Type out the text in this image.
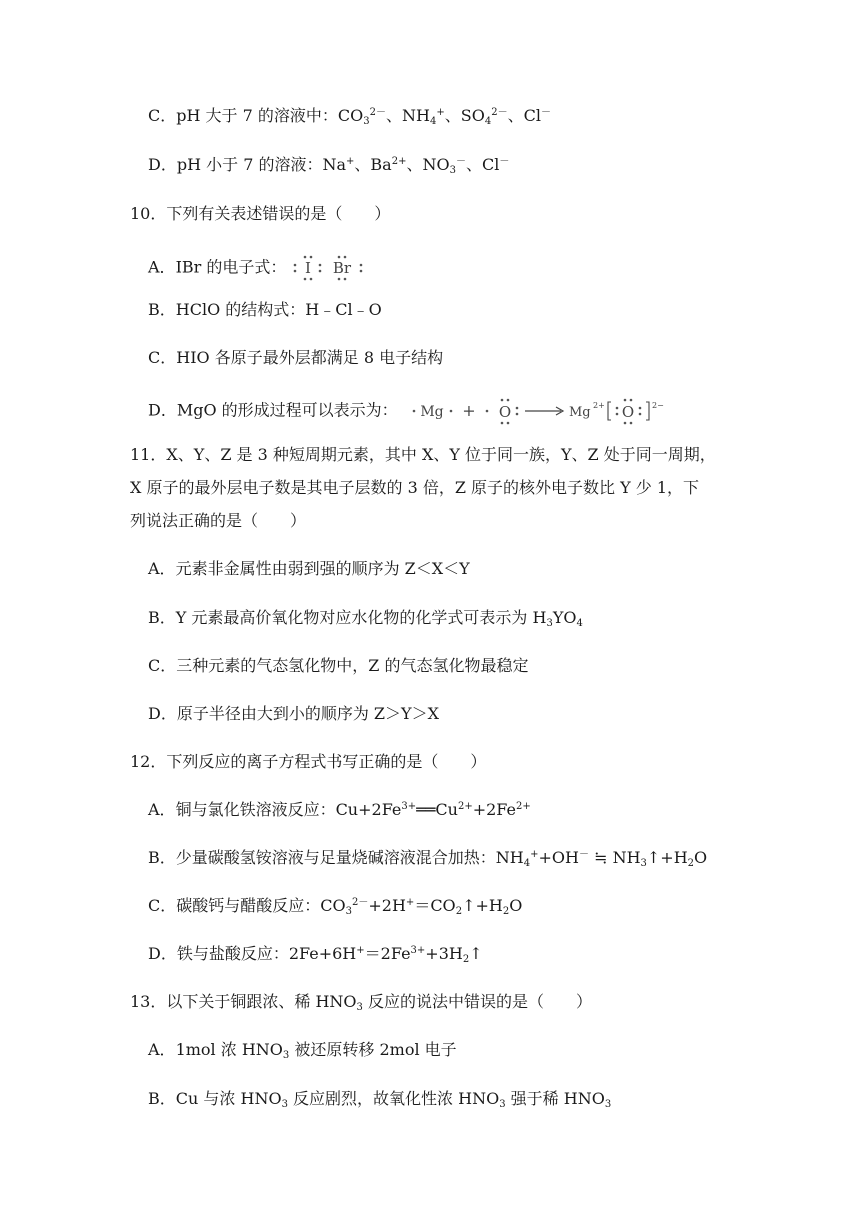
C．pH 大于 7 的溶液中：$CO_3^{2-}$、$NH_4^+$、$SO_4^{2-}$、Cl－
D．pH 小于 7 的溶液：Na+、$Ba^{2+}$、$NO_3^-$、Cl－
10．下列有关表述错误的是（　　）
A．IBr 的电子式： I Br
B．HClO 的结构式：H﹣Cl﹣O
C．HIO 各原子最外层都满足 8 电子结构
D．MgO 的形成过程可以表示为： Mg + O	Mg 2+ O 2−
11．X、Y、Z 是 3 种短周期元素，其中 X、Y 位于同一族，Y、Z 处于同一周期，
X 原子的最外层电子数是其电子层数的 3 倍，Z 原子的核外电子数比 Y 少 1，下
列说法正确的是（　　）
A．元素非金属性由弱到强的顺序为 Z＜X＜Y
B．Y 元素最高价氧化物对应水化物的化学式可表示为 $H_3YO_4$
C．三种元素的气态氢化物中，Z 的气态氢化物最稳定
D．原子半径由大到小的顺序为 Z＞Y＞X
12．下列反应的离子方程式书写正确的是（　　）
A．铜与氯化铁溶液反应：$Cu+2Fe^{3+}══Cu^{2+}+2Fe^{2+}$
B．少量碳酸氢铵溶液与足量烧碱溶液混合加热：$NH_4^++OH^-$ ≒ $NH_3↑+H_2O$
C．碳酸钙与醋酸反应：$CO_3^{2-}+2H^+=CO_2↑+H_2O$
D．铁与盐酸反应：$2Fe+6H^+=2Fe^{3+}+3H_2↑$
13．以下关于铜跟浓、稀 $HNO_3$ 反应的说法中错误的是（　　）
A．1mol 浓 $HNO_3$ 被还原转移 2mol 电子
B．Cu 与浓 $HNO_3$ 反应剧烈，故氧化性浓 $HNO_3$ 强于稀 $HNO_3$
